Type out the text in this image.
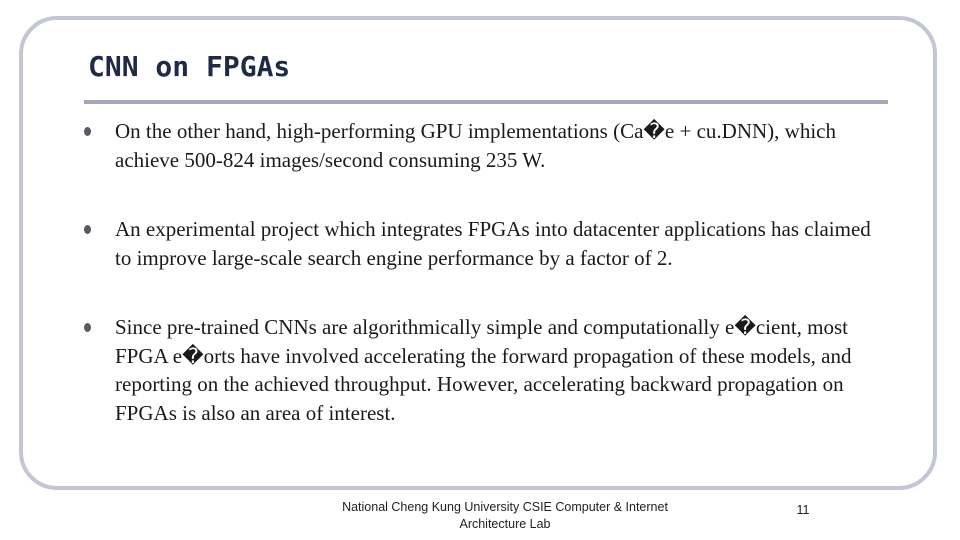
CNN on FPGAs
On the other hand, high-performing GPU implementations (Ca�e + cu.DNN), which achieve 500-824 images/second consuming 235 W.
An experimental project which integrates FPGAs into datacenter applications has claimed to improve large-scale search engine performance by a factor of 2.
Since pre-trained CNNs are algorithmically simple and computationally e�cient, most FPGA e�orts have involved accelerating the forward propagation of these models, and reporting on the achieved throughput. However, accelerating backward propagation on FPGAs is also an area of interest.
National Cheng Kung University CSIE Computer & Internet Architecture Lab
11
